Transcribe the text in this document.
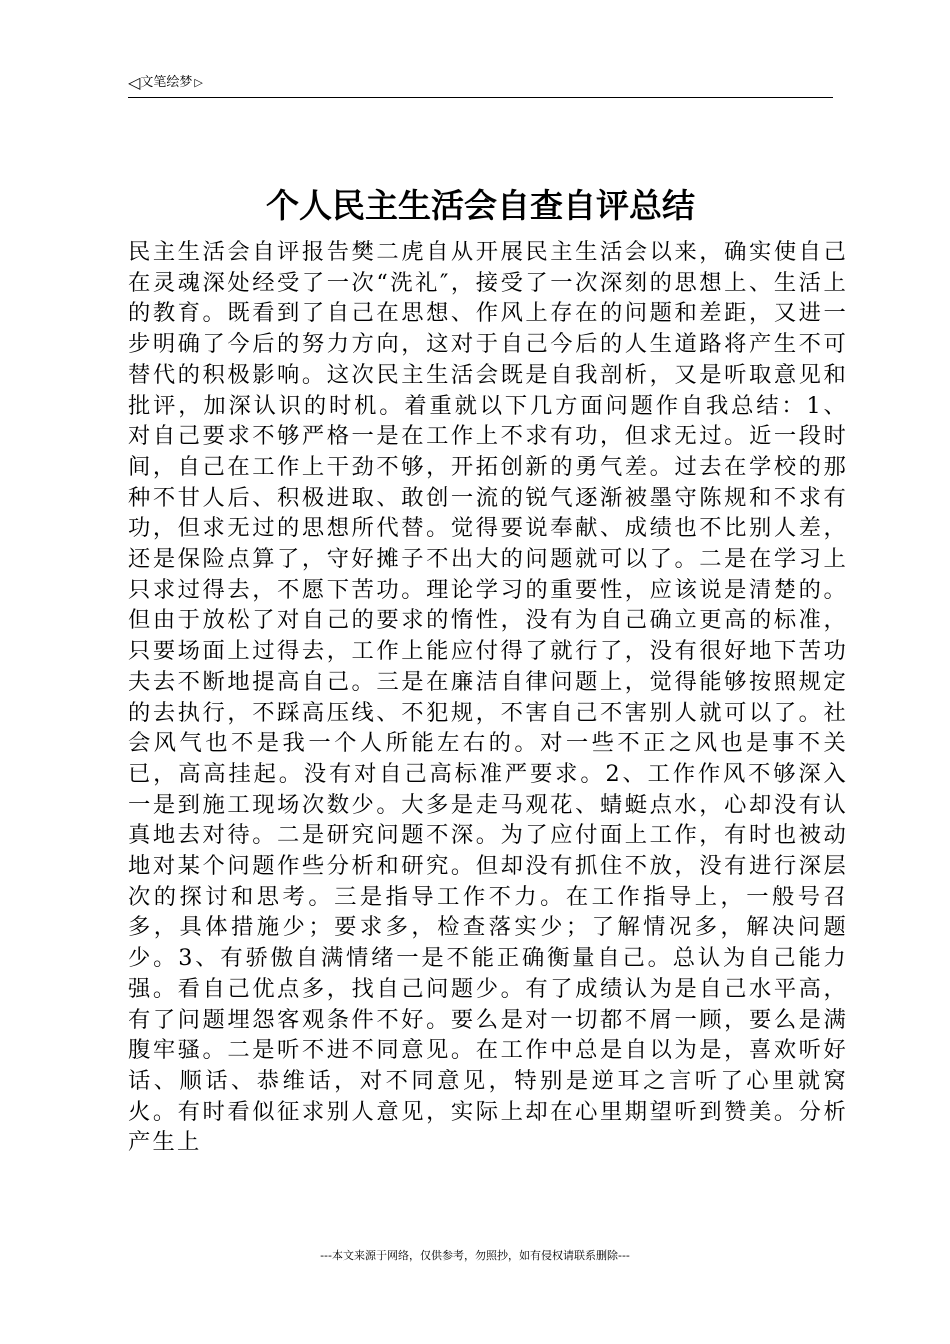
◁ 文笔绘梦 ▷
个人民主生活会自查自评总结

民主生活会自评报告樊二虎自从开展民主生活会以来，确实使自己在灵魂深处经受了一次“洗礼″，接受了一次深刻的思想上、生活上的教育。既看到了自己在思想、作风上存在的问题和差距，又进一步明确了今后的努力方向，这对于自己今后的人生道路将产生不可替代的积极影响。这次民主生活会既是自我剖析，又是听取意见和批评，加深认识的时机。着重就以下几方面问题作自我总结：1、对自己要求不够严格一是在工作上不求有功，但求无过。近一段时间，自己在工作上干劲不够，开拓创新的勇气差。过去在学校的那种不甘人后、积极进取、敢创一流的锐气逐渐被墨守陈规和不求有功，但求无过的思想所代替。觉得要说奉献、成绩也不比别人差，还是保险点算了，守好摊子不出大的问题就可以了。二是在学习上只求过得去，不愿下苦功。理论学习的重要性，应该说是清楚的。但由于放松了对自己的要求的惰性，没有为自己确立更高的标准，只要场面上过得去，工作上能应付得了就行了，没有很好地下苦功夫去不断地提高自己。三是在廉洁自律问题上，觉得能够按照规定的去执行，不踩高压线、不犯规，不害自己不害别人就可以了。社会风气也不是我一个人所能左右的。对一些不正之风也是事不关已，高高挂起。没有对自己高标准严要求。2、工作作风不够深入一是到施工现场次数少。大多是走马观花、蜻蜓点水，心却没有认真地去对待。二是研究问题不深。为了应付面上工作，有时也被动地对某个问题作些分析和研究。但却没有抓住不放，没有进行深层次的探讨和思考。三是指导工作不力。在工作指导上，一般号召多，具体措施少；要求多，检查落实少；了解情况多，解决问题少。3、有骄傲自满情绪一是不能正确衡量自己。总认为自己能力强。看自己优点多，找自己问题少。有了成绩认为是自己水平高，有了问题埋怨客观条件不好。要么是对一切都不屑一顾，要么是满腹牢骚。二是听不进不同意见。在工作中总是自以为是，喜欢听好话、顺话、恭维话，对不同意见，特别是逆耳之言听了心里就窝火。有时看似征求别人意见，实际上却在心里期望听到赞美。分析产生上

---本文来源于网络，仅供参考，勿照抄，如有侵权请联系删除---
